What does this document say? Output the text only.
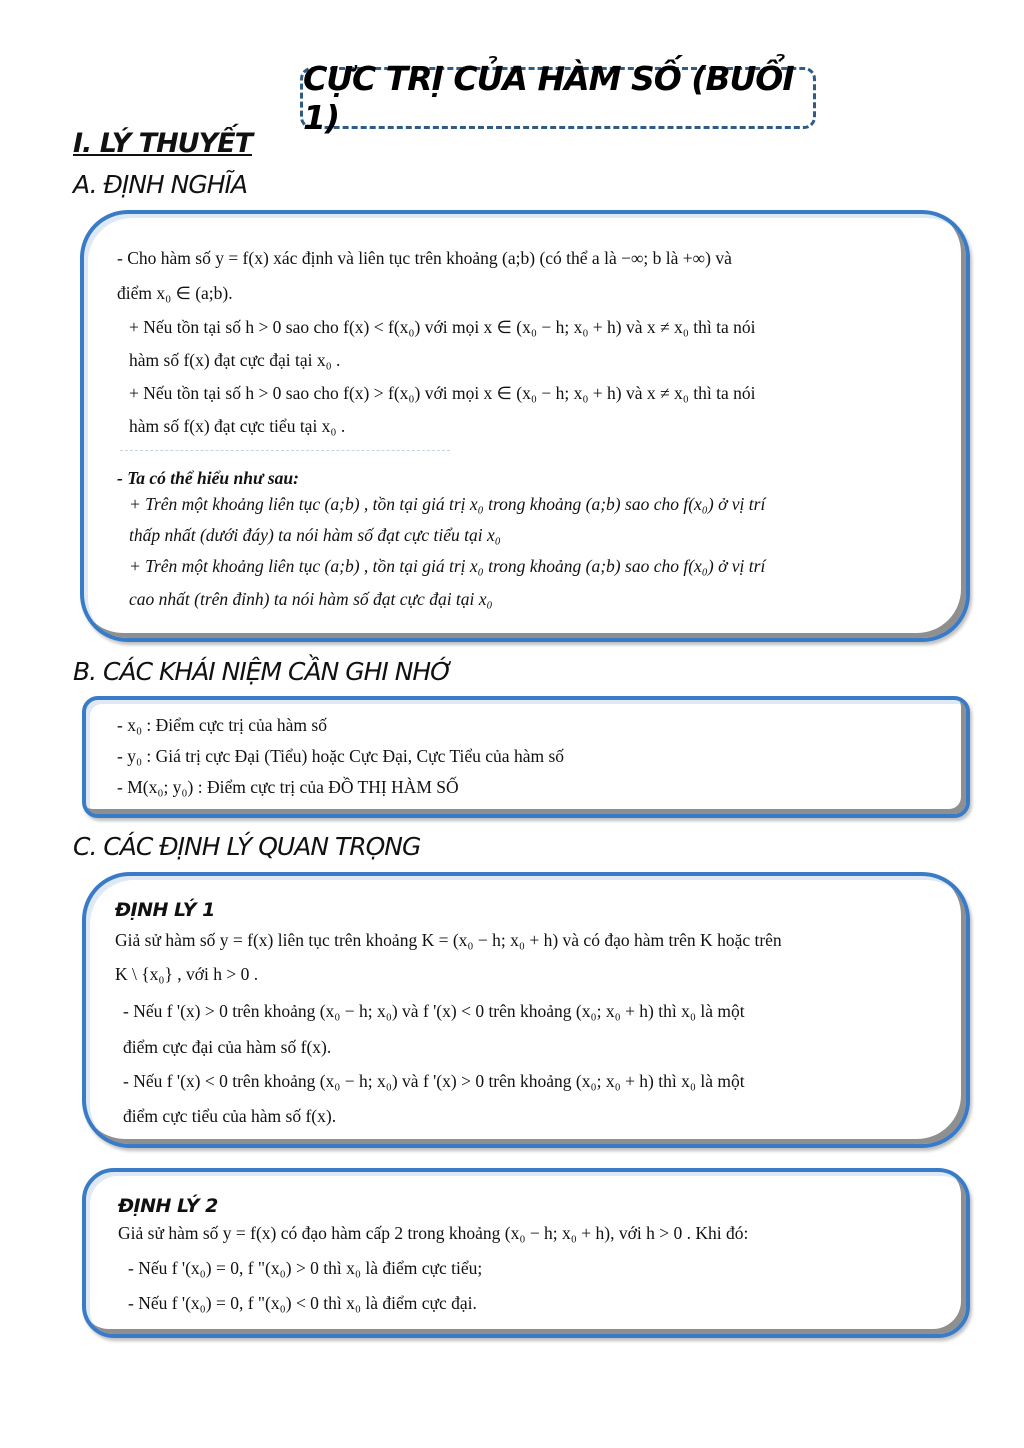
CỰC TRỊ CỦA HÀM SỐ (BUỔI 1)
I. LÝ THUYẾT
A. ĐỊNH NGHĨA
- Cho hàm số y = f(x) xác định và liên tục trên khoảng (a;b) (có thể a là −∞; b là +∞) và
điểm x₀ ∈ (a;b).
+ Nếu tồn tại số h > 0 sao cho f(x) < f(x₀) với mọi x ∈ (x₀ − h; x₀ + h) và x ≠ x₀ thì ta nói
hàm số f(x) đạt cực đại tại x₀ .
+ Nếu tồn tại số h > 0 sao cho f(x) > f(x₀) với mọi x ∈ (x₀ − h; x₀ + h) và x ≠ x₀ thì ta nói
hàm số f(x) đạt cực tiểu tại x₀ .
- Ta có thể hiểu như sau:
+ Trên một khoảng liên tục (a;b) , tồn tại giá trị x₀ trong khoảng (a;b) sao cho f(x₀) ở vị trí
thấp nhất (dưới đáy) ta nói hàm số đạt cực tiểu tại x₀
+ Trên một khoảng liên tục (a;b) , tồn tại giá trị x₀ trong khoảng (a;b) sao cho f(x₀) ở vị trí
cao nhất (trên đỉnh) ta nói hàm số đạt cực đại tại x₀
B. CÁC KHÁI NIỆM CẦN GHI NHỚ
- x₀ : Điểm cực trị của hàm số
- y₀ : Giá trị cực Đại (Tiểu) hoặc Cực Đại, Cực Tiểu của hàm số
- M(x₀; y₀) : Điểm cực trị của ĐỒ THỊ HÀM SỐ
C. CÁC ĐỊNH LÝ QUAN TRỌNG
ĐỊNH LÝ 1
Giả sử hàm số y = f(x) liên tục trên khoảng K = (x₀ − h; x₀ + h) và có đạo hàm trên K hoặc trên
K \ {x₀} , với h > 0 .
- Nếu f '(x) > 0 trên khoảng (x₀ − h; x₀) và f '(x) < 0 trên khoảng (x₀; x₀ + h) thì x₀ là một
điểm cực đại của hàm số f(x).
- Nếu f '(x) < 0 trên khoảng (x₀ − h; x₀) và f '(x) > 0 trên khoảng (x₀; x₀ + h) thì x₀ là một
điểm cực tiểu của hàm số f(x).
ĐỊNH LÝ 2
Giả sử hàm số y = f(x) có đạo hàm cấp 2 trong khoảng (x₀ − h; x₀ + h), với h > 0 . Khi đó:
- Nếu f '(x₀) = 0, f "(x₀) > 0 thì x₀ là điểm cực tiểu;
- Nếu f '(x₀) = 0, f "(x₀) < 0 thì x₀ là điểm cực đại.
